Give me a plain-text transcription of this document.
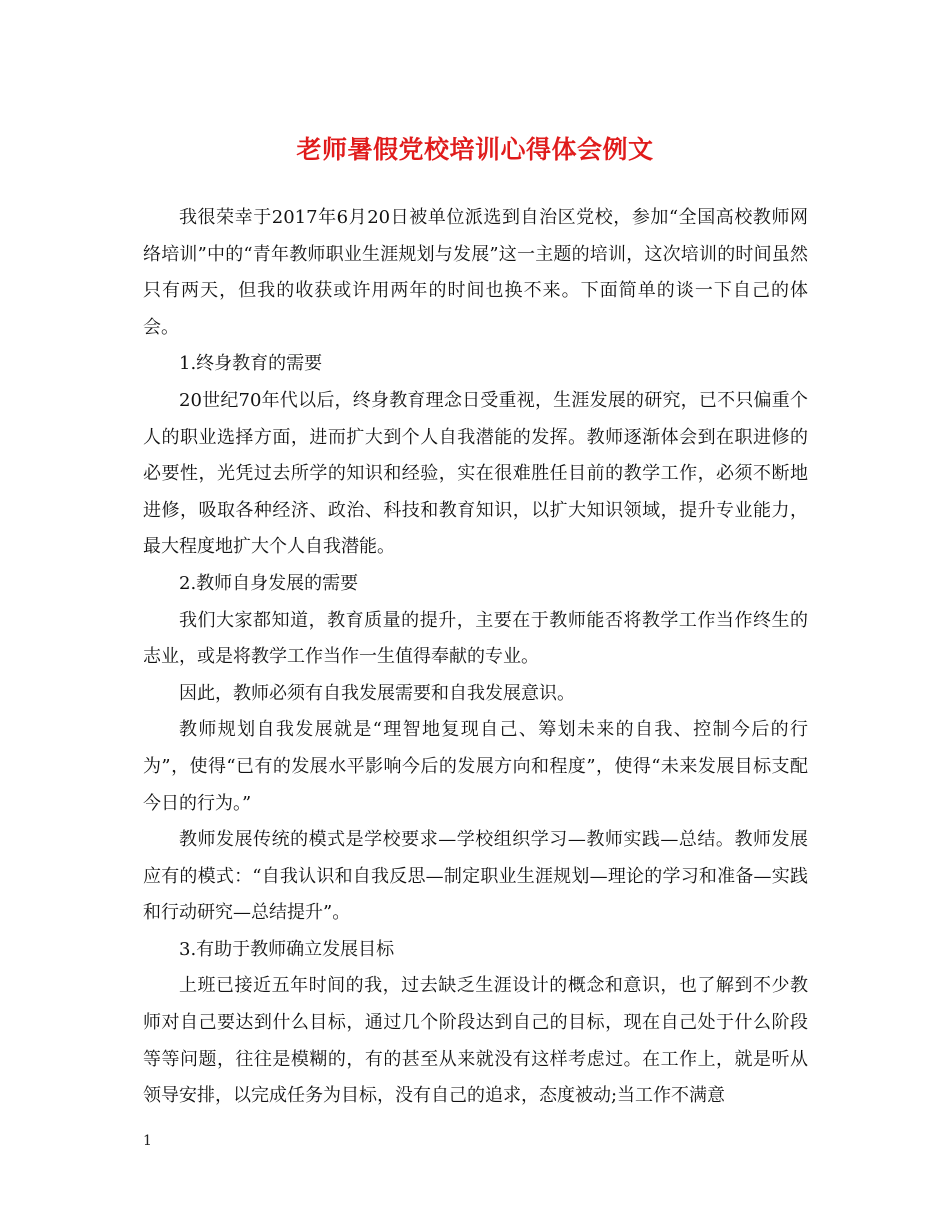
老师暑假党校培训心得体会例文

我很荣幸于2017年6月20日被单位派选到自治区党校，参加“全国高校教师网络培训”中的“青年教师职业生涯规划与发展”这一主题的培训，这次培训的时间虽然只有两天，但我的收获或许用两年的时间也换不来。下面简单的谈一下自己的体会。

1.终身教育的需要

20世纪70年代以后，终身教育理念日受重视，生涯发展的研究，已不只偏重个人的职业选择方面，进而扩大到个人自我潜能的发挥。教师逐渐体会到在职进修的必要性，光凭过去所学的知识和经验，实在很难胜任目前的教学工作，必须不断地进修，吸取各种经济、政治、科技和教育知识，以扩大知识领域，提升专业能力，最大程度地扩大个人自我潜能。

2.教师自身发展的需要

我们大家都知道，教育质量的提升，主要在于教师能否将教学工作当作终生的志业，或是将教学工作当作一生值得奉献的专业。

因此，教师必须有自我发展需要和自我发展意识。

教师规划自我发展就是“理智地复现自己、筹划未来的自我、控制今后的行为”，使得“已有的发展水平影响今后的发展方向和程度”，使得“未来发展目标支配今日的行为。”

教师发展传统的模式是学校要求—学校组织学习—教师实践—总结。教师发展应有的模式：“自我认识和自我反思—制定职业生涯规划—理论的学习和准备—实践和行动研究—总结提升”。

3.有助于教师确立发展目标

上班已接近五年时间的我，过去缺乏生涯设计的概念和意识，也了解到不少教师对自己要达到什么目标，通过几个阶段达到自己的目标，现在自己处于什么阶段等等问题，往往是模糊的，有的甚至从来就没有这样考虑过。在工作上，就是听从领导安排，以完成任务为目标，没有自己的追求，态度被动;当工作不满意

1
